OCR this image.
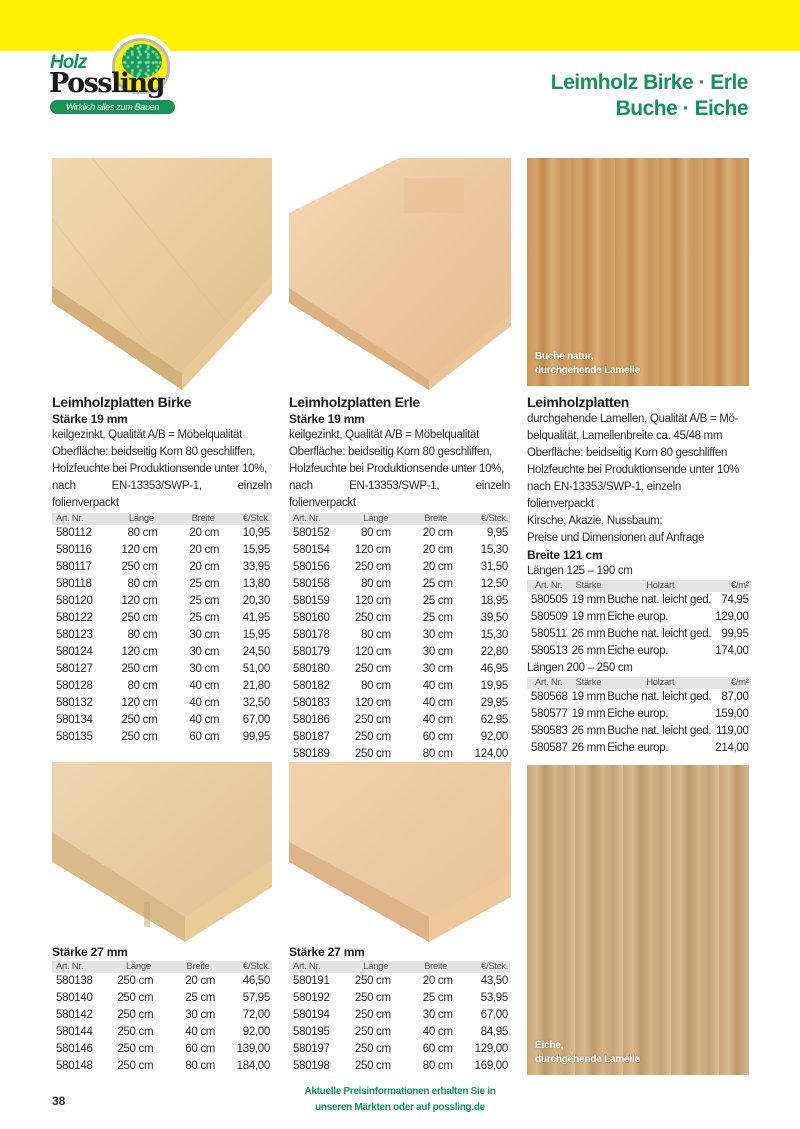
Holz
Possling
Wirklich alles zum Bauen
Leimholz Birke · Erle
Buche · Eiche
Buche natur,
durchgehende Lamelle
Leimholzplatten Birke
Stärke 19 mm
keilgezinkt, Qualität A/B = Möbelqualität
Oberfläche: beidseitig Korn 80 geschliffen,
Holzfeuchte bei Produktionsende unter 10%,
nach EN-13353/SWP-1, einzeln folienverpackt
Art. Nr.	Länge	Breite	€/Stck.
580112	80 cm	20 cm	10,95
580116	120 cm	20 cm	15,95
580117	250 cm	20 cm	33,95
580118	80 cm	25 cm	13,80
580120	120 cm	25 cm	20,30
580122	250 cm	25 cm	41,95
580123	80 cm	30 cm	15,95
580124	120 cm	30 cm	24,50
580127	250 cm	30 cm	51,00
580128	80 cm	40 cm	21,80
580132	120 cm	40 cm	32,50
580134	250 cm	40 cm	67,00
580135	250 cm	60 cm	99,95
Leimholzplatten Erle
Stärke 19 mm
keilgezinkt, Qualität A/B = Möbelqualität
Oberfläche: beidseitig Korn 80 geschliffen,
Holzfeuchte bei Produktionsende unter 10%,
nach EN-13353/SWP-1, einzeln folienverpackt
Art. Nr.	Länge	Breite	€/Stck.
580152	80 cm	20 cm	9,95
580154	120 cm	20 cm	15,30
580156	250 cm	20 cm	31,50
580158	80 cm	25 cm	12,50
580159	120 cm	25 cm	18,95
580160	250 cm	25 cm	39,50
580178	80 cm	30 cm	15,30
580179	120 cm	30 cm	22,80
580180	250 cm	30 cm	46,95
580182	80 cm	40 cm	19,95
580183	120 cm	40 cm	29,95
580186	250 cm	40 cm	62,95
580187	250 cm	60 cm	92,00
580189	250 cm	80 cm	124,00
Leimholzplatten
durchgehende Lamellen, Qualität A/B = Mö-
belqualität, Lamellenbreite ca. 45/48 mm
Oberfläche: beidseitig Korn 80 geschliffen
Holzfeuchte bei Produktionsende unter 10%
nach EN-13353/SWP-1, einzeln folienverpackt
Kirsche, Akazie, Nussbaum:
Preise und Dimensionen auf Anfrage
Breite 121 cm
Längen 125 – 190 cm
Art. Nr.	Stärke	Holzart	€/m²
580505	19 mm	Buche nat. leicht ged.	74,95
580509	19 mm	Eiche europ.	129,00
580511	26 mm	Buche nat. leicht ged.	99,95
580513	26 mm	Eiche europ.	174,00
Längen 200 – 250 cm
Art. Nr.	Stärke	Holzart	€/m²
580568	19 mm	Buche nat. leicht ged.	87,00
580577	19 mm	Eiche europ.	159,00
580583	26 mm	Buche nat. leicht ged.	119,00
580587	26 mm	Eiche europ.	214,00
Eiche,
durchgehende Lamelle
Stärke 27 mm
Art. Nr.	Länge	Breite	€/Stck.
580138	250 cm	20 cm	46,50
580140	250 cm	25 cm	57,95
580142	250 cm	30 cm	72,00
580144	250 cm	40 cm	92,00
580146	250 cm	60 cm	139,00
580148	250 cm	80 cm	184,00
Stärke 27 mm
Art. Nr.	Länge	Breite	€/Stck.
580191	250 cm	20 cm	43,50
580192	250 cm	25 cm	53,95
580194	250 cm	30 cm	67,00
580195	250 cm	40 cm	84,95
580197	250 cm	60 cm	129,00
580198	250 cm	80 cm	169,00
38
Aktuelle Preisinformationen erhalten Sie in
unseren Märkten oder auf possling.de
